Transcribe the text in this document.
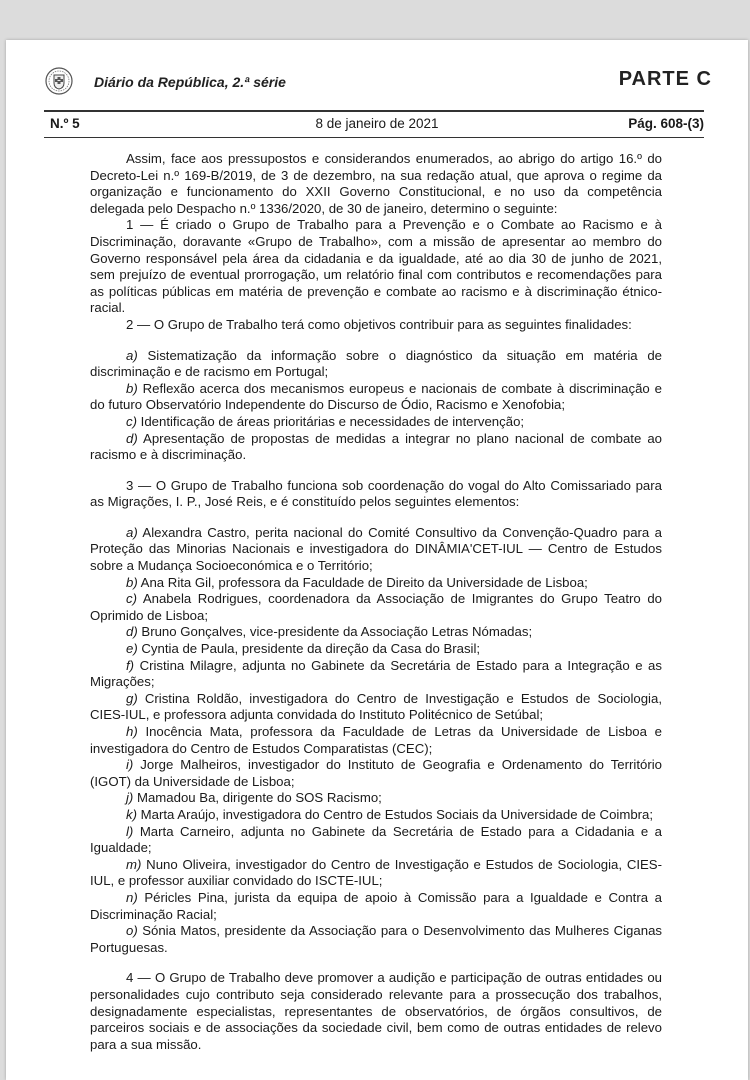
Diário da República, 2.ª série	PARTE C
N.º 5	8 de janeiro de 2021	Pág. 608-(3)

Assim, face aos pressupostos e considerandos enumerados, ao abrigo do artigo 16.º do Decreto-Lei n.º 169-B/2019, de 3 de dezembro, na sua redação atual, que aprova o regime da organização e funcionamento do XXII Governo Constitucional, e no uso da competência delegada pelo Despacho n.º 1336/2020, de 30 de janeiro, determino o seguinte:

1 — É criado o Grupo de Trabalho para a Prevenção e o Combate ao Racismo e à Discriminação, doravante «Grupo de Trabalho», com a missão de apresentar ao membro do Governo responsável pela área da cidadania e da igualdade, até ao dia 30 de junho de 2021, sem prejuízo de eventual prorrogação, um relatório final com contributos e recomendações para as políticas públicas em matéria de prevenção e combate ao racismo e à discriminação étnico-racial.

2 — O Grupo de Trabalho terá como objetivos contribuir para as seguintes finalidades:

a) Sistematização da informação sobre o diagnóstico da situação em matéria de discriminação e de racismo em Portugal;

b) Reflexão acerca dos mecanismos europeus e nacionais de combate à discriminação e do futuro Observatório Independente do Discurso de Ódio, Racismo e Xenofobia;

c) Identificação de áreas prioritárias e necessidades de intervenção;

d) Apresentação de propostas de medidas a integrar no plano nacional de combate ao racismo e à discriminação.

3 — O Grupo de Trabalho funciona sob coordenação do vogal do Alto Comissariado para as Migrações, I. P., José Reis, e é constituído pelos seguintes elementos:

a) Alexandra Castro, perita nacional do Comité Consultivo da Convenção-Quadro para a Proteção das Minorias Nacionais e investigadora do DINÂMIA'CET-IUL — Centro de Estudos sobre a Mudança Socioeconómica e o Território;

b) Ana Rita Gil, professora da Faculdade de Direito da Universidade de Lisboa;

c) Anabela Rodrigues, coordenadora da Associação de Imigrantes do Grupo Teatro do Oprimido de Lisboa;

d) Bruno Gonçalves, vice-presidente da Associação Letras Nómadas;

e) Cyntia de Paula, presidente da direção da Casa do Brasil;

f) Cristina Milagre, adjunta no Gabinete da Secretária de Estado para a Integração e as Migrações;

g) Cristina Roldão, investigadora do Centro de Investigação e Estudos de Sociologia, CIES-IUL, e professora adjunta convidada do Instituto Politécnico de Setúbal;

h) Inocência Mata, professora da Faculdade de Letras da Universidade de Lisboa e investigadora do Centro de Estudos Comparatistas (CEC);

i) Jorge Malheiros, investigador do Instituto de Geografia e Ordenamento do Território (IGOT) da Universidade de Lisboa;

j) Mamadou Ba, dirigente do SOS Racismo;

k) Marta Araújo, investigadora do Centro de Estudos Sociais da Universidade de Coimbra;

l) Marta Carneiro, adjunta no Gabinete da Secretária de Estado para a Cidadania e a Igualdade;

m) Nuno Oliveira, investigador do Centro de Investigação e Estudos de Sociologia, CIES-IUL, e professor auxiliar convidado do ISCTE-IUL;

n) Péricles Pina, jurista da equipa de apoio à Comissão para a Igualdade e Contra a Discriminação Racial;

o) Sónia Matos, presidente da Associação para o Desenvolvimento das Mulheres Ciganas Portuguesas.

4 — O Grupo de Trabalho deve promover a audição e participação de outras entidades ou personalidades cujo contributo seja considerado relevante para a prossecução dos trabalhos, designadamente especialistas, representantes de observatórios, de órgãos consultivos, de parceiros sociais e de associações da sociedade civil, bem como de outras entidades de relevo para a sua missão.
